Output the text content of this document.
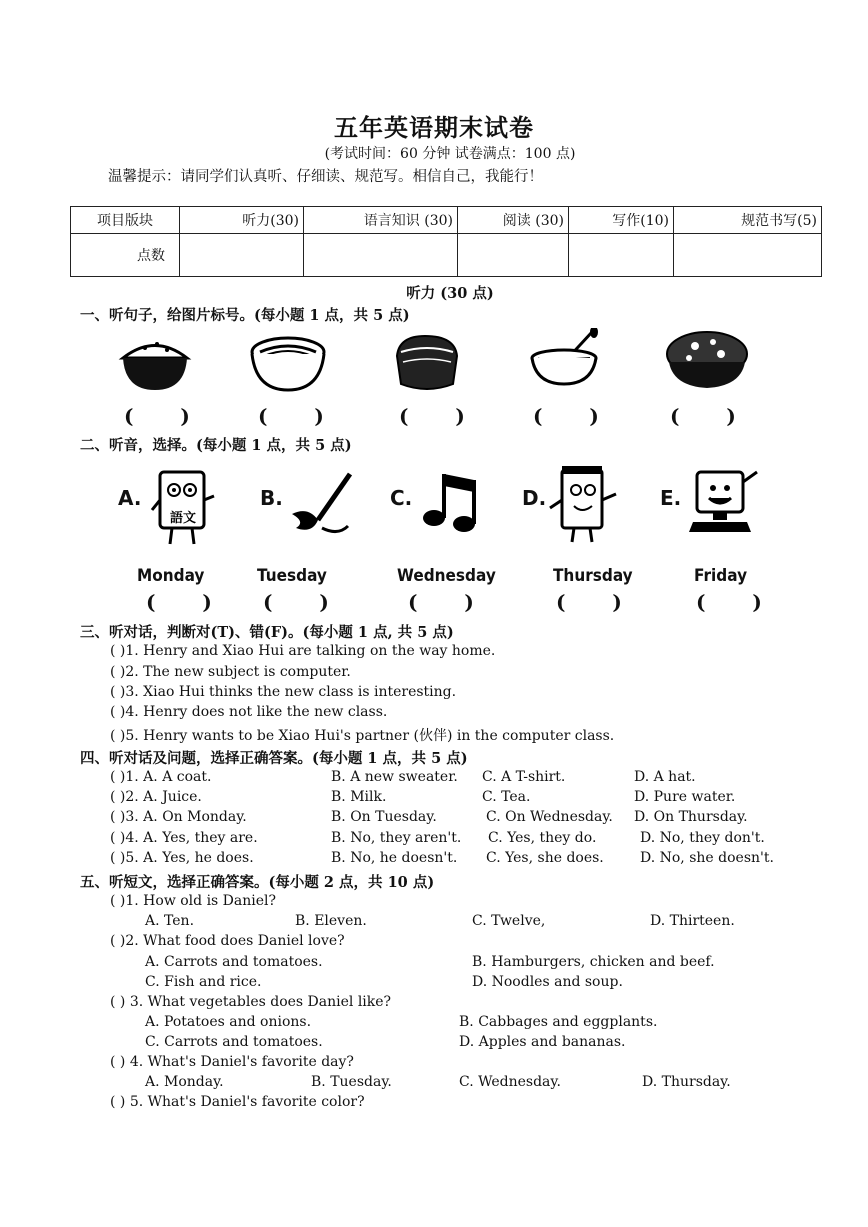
五年英语期末试卷
(考试时间：60 分钟 试卷满点：100 点)
温馨提示：请同学们认真听、仔细读、规范写。相信自己，我能行！
项目版块	听力(30)	语言知识 (30)	阅读 (30)	写作(10)	规范书写(5)
点数					
听力 (30 点)
一、听句子，给图片标号。(每小题 1 点，共 5 点)
( ) ( )	( ) ( )	( )
二、听音，选择。(每小题 1 点，共 5 点)
A.	B.	C.	D.	E.
語文
Monday	Tuesday	Wednesday	Thursday	Friday
( ) ( )	( )	( )	( )
三、听对话，判断对(T)、错(F)。(每小题 1 点, 共 5 点)
( )1. Henry and Xiao Hui are talking on the way home.
( )2. The new subject is computer.
( )3. Xiao Hui thinks the new class is interesting.
( )4. Henry does not like the new class.
( )5. Henry wants to be Xiao Hui's partner (伙伴) in the computer class.
四、听对话及问题，选择正确答案。(每小题 1 点，共 5 点)
( )1. A. A coat.	B. A new sweater. C. A T-shirt.	D. A hat.
( )2. A. Juice.	B. Milk.	C. Tea.	D. Pure water.
( )3. A. On Monday.	B. On Tuesday.	C. On Wednesday. D. On Thursday.
( )4. A. Yes, they are.	B. No, they aren't. C. Yes, they do.	D. No, they don't.
( )5. A. Yes, he does.	B. No, he doesn't. C. Yes, she does.	D. No, she doesn't.
五、听短文，选择正确答案。(每小题 2 点，共 10 点)
( )1. How old is Daniel?
A. Ten.	B. Eleven.	C. Twelve,	D. Thirteen.
( )2. What food does Daniel love?
A. Carrots and tomatoes.	B. Hamburgers, chicken and beef.
C. Fish and rice.	D. Noodles and soup.
( ) 3. What vegetables does Daniel like?
A. Potatoes and onions.	B. Cabbages and eggplants.
C. Carrots and tomatoes.	D. Apples and bananas.
( ) 4. What's Daniel's favorite day?
A. Monday.	B. Tuesday.	C. Wednesday.	D. Thursday.
( ) 5. What's Daniel's favorite color?
